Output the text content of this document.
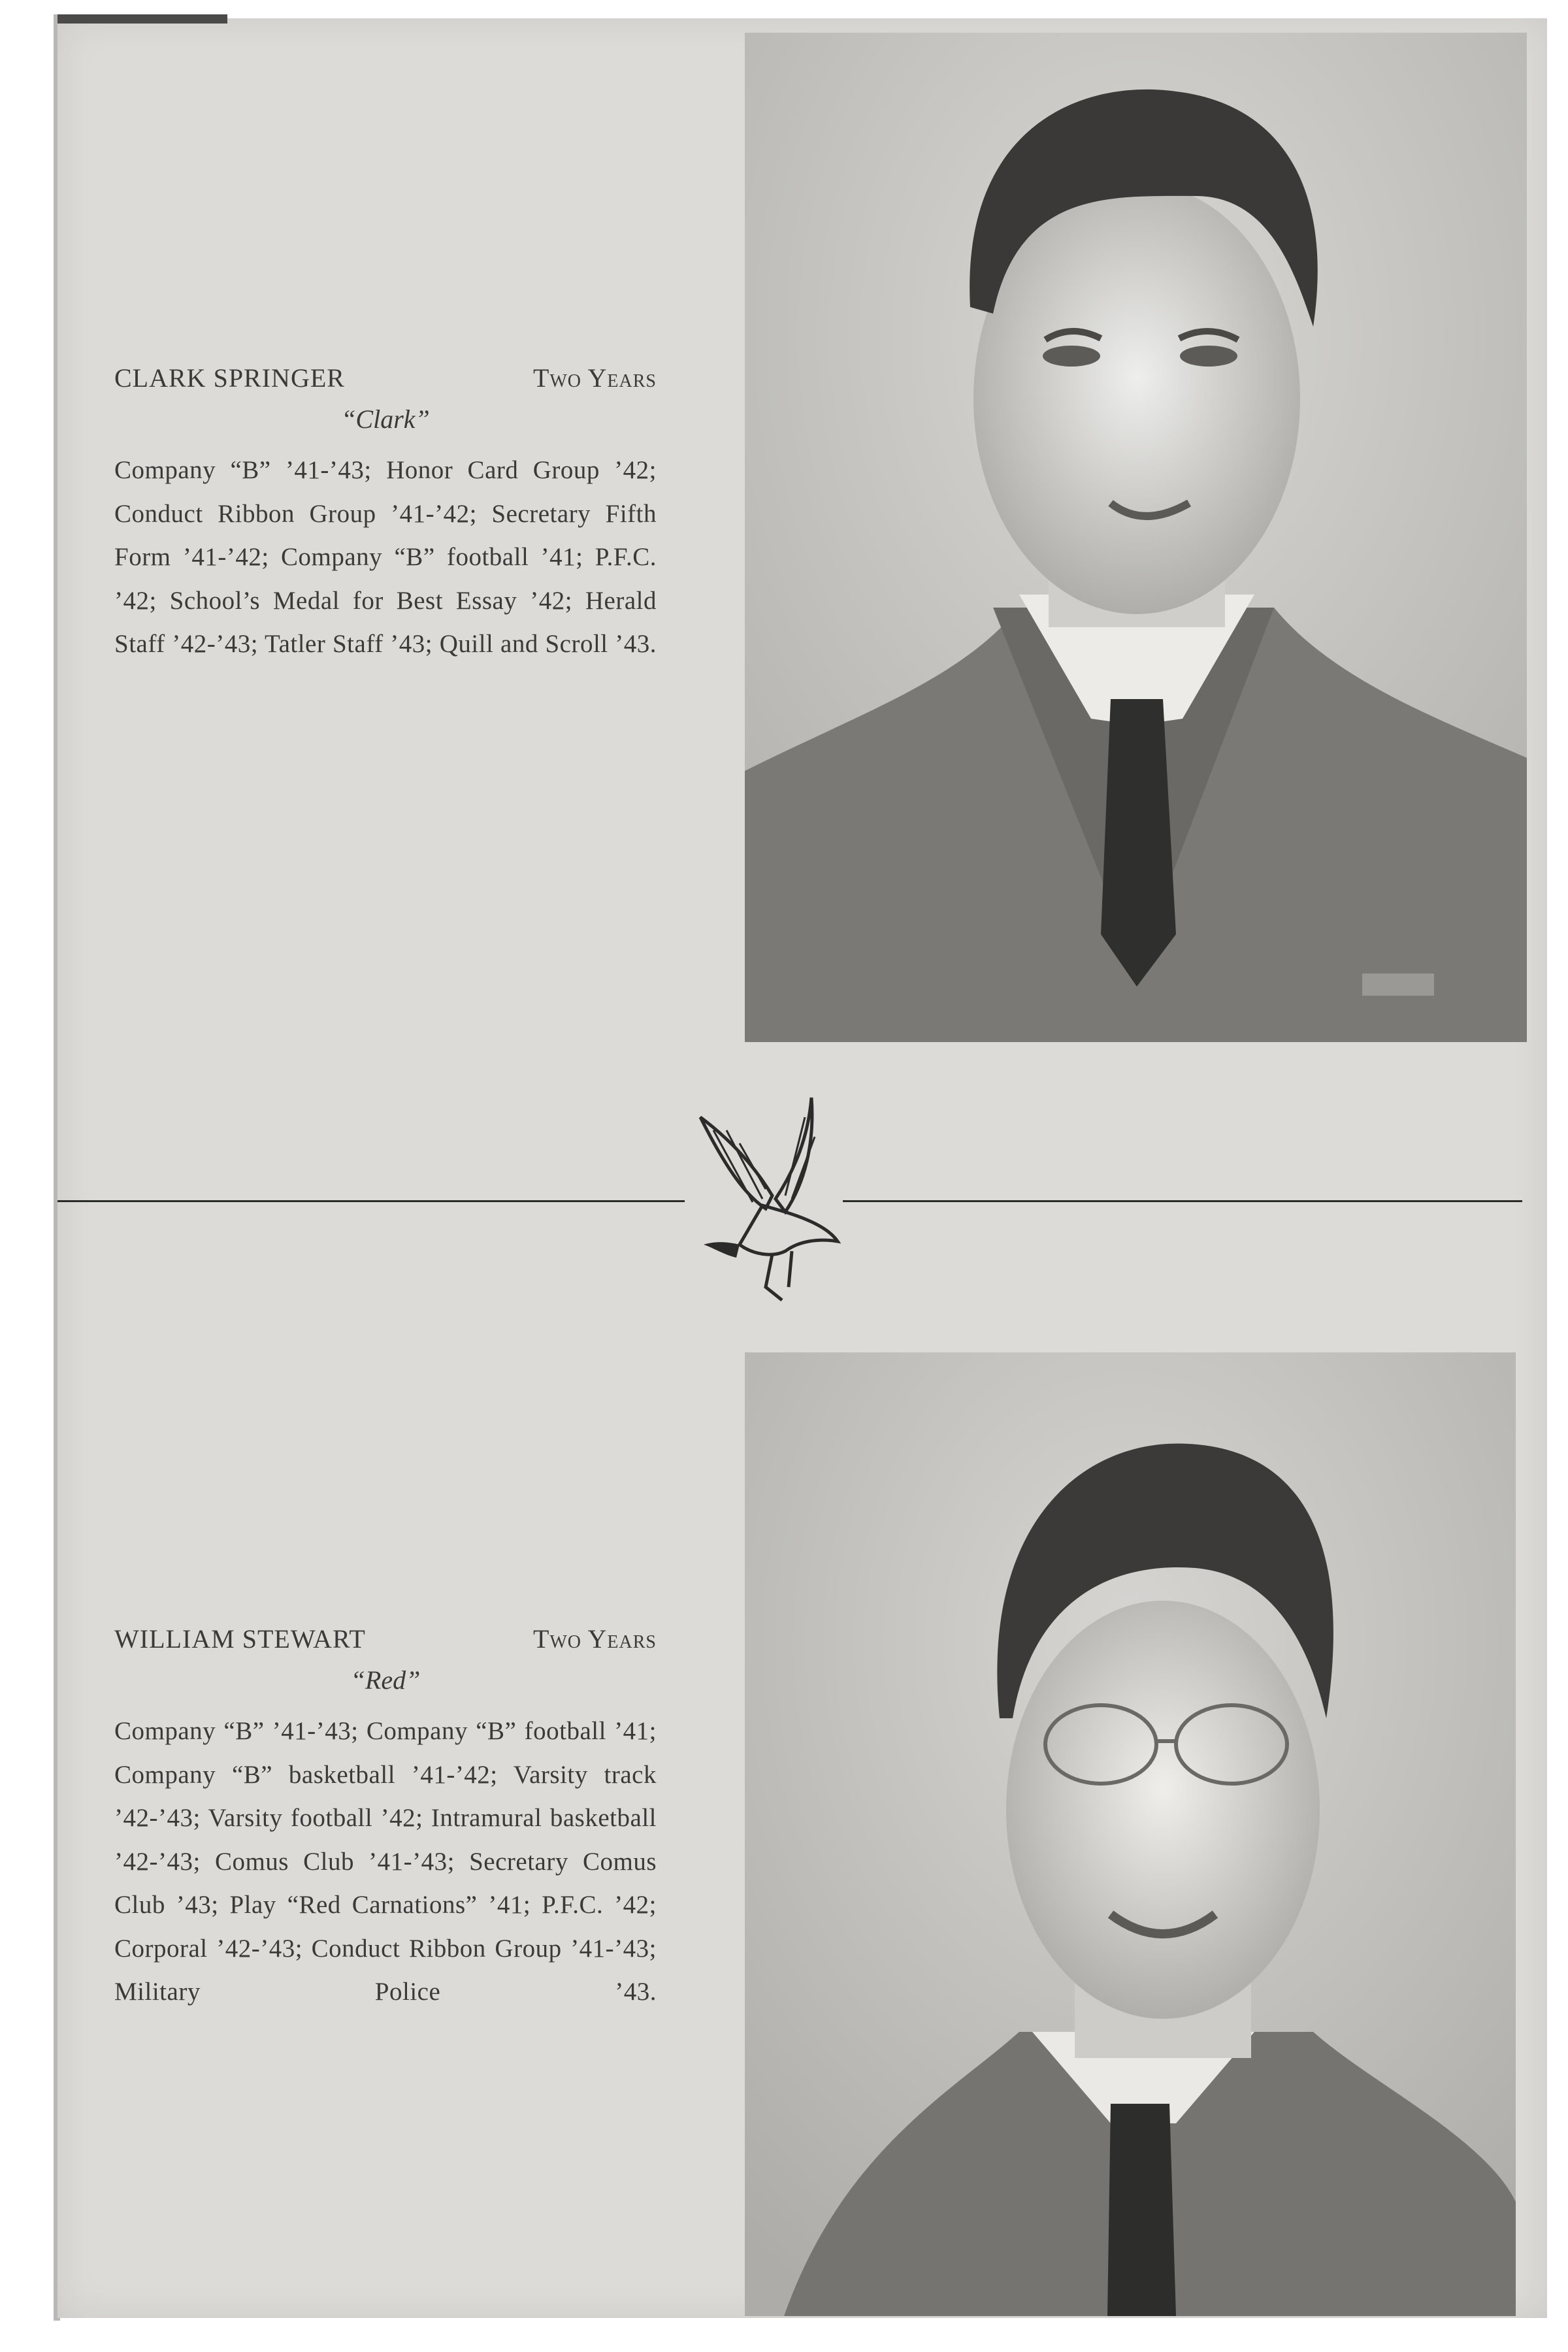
CLARK SPRINGER	Two Years
“Clark”
Company “B” ’41-’43; Honor Card Group ’42; Conduct Ribbon Group ’41-’42; Secretary Fifth Form ’41-’42; Company “B” football ’41; P.F.C. ’42; School’s Medal for Best Essay ’42; Herald Staff ’42-’43; Tatler Staff ’43; Quill and Scroll ’43.
WILLIAM STEWART	Two Years
“Red”
Company “B” ’41-’43; Company “B” football ’41; Company “B” basketball ’41-’42; Varsity track ’42-’43; Varsity football ’42; Intramural basketball ’42-’43; Comus Club ’41-’43; Secretary Comus Club ’43; Play “Red Carnations” ’41; P.F.C. ’42; Corporal ’42-’43; Conduct Ribbon Group ’41-’43; Military Police ’43.
